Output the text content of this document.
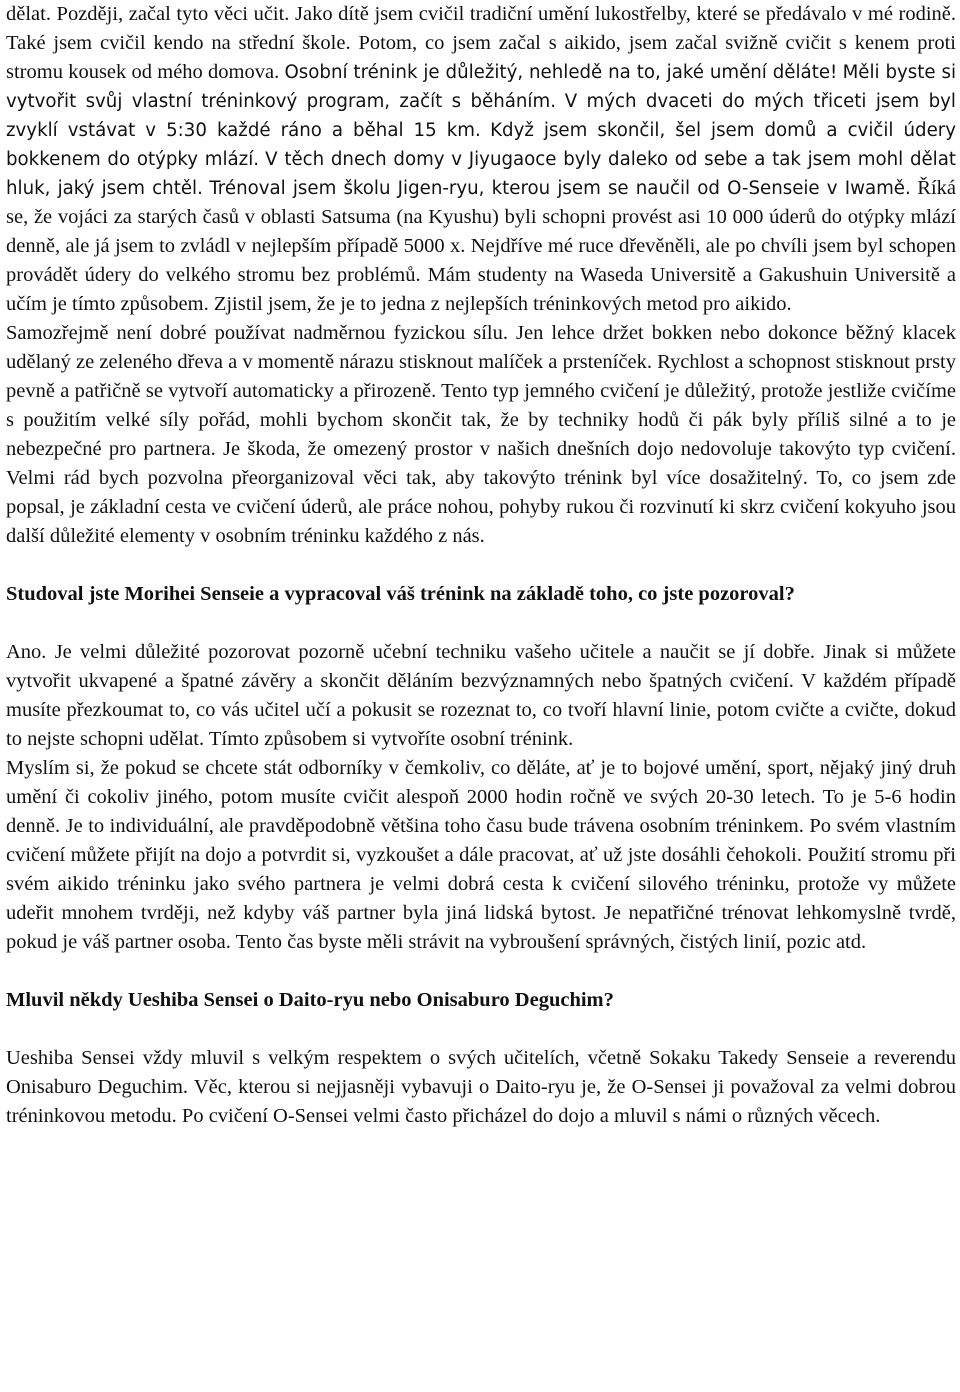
dělat. Později, začal tyto věci učit. Jako dítě jsem cvičil tradiční umění lukostřelby, které se předávalo v mé rodině. Také jsem cvičil kendo na střední škole. Potom, co jsem začal s aikido, jsem začal svižně cvičit s kenem proti stromu kousek od mého domova. Osobní trénink je důležitý, nehledě na to, jaké umění děláte! Měli byste si vytvořit svůj vlastní tréninkový program, začít s běháním. V mých dvaceti do mých třiceti jsem byl zvyklí vstávat v 5:30 každé ráno a běhal 15 km. Když jsem skončil, šel jsem domů a cvičil údery bokkenem do otýpky mlází. V těch dnech domy v Jiyugaoce byly daleko od sebe a tak jsem mohl dělat hluk, jaký jsem chtěl. Trénoval jsem školu Jigen-ryu, kterou jsem se naučil od O-Senseie v Iwamě. Říká se, že vojáci za starých časů v oblasti Satsuma (na Kyushu) byli schopni provést asi 10 000 úderů do otýpky mlází denně, ale já jsem to zvládl v nejlepším případě 5000 x. Nejdříve mé ruce dřevěněli, ale po chvíli jsem byl schopen provádět údery do velkého stromu bez problémů. Mám studenty na Waseda Universitě a Gakushuin Universitě a učím je tímto způsobem. Zjistil jsem, že je to jedna z nejlepších tréninkových metod pro aikido.

Samozřejmě není dobré používat nadměrnou fyzickou sílu. Jen lehce držet bokken nebo dokonce běžný klacek udělaný ze zeleného dřeva a v momentě nárazu stisknout malíček a prsteníček. Rychlost a schopnost stisknout prsty pevně a patřičně se vytvoří automaticky a přirozeně. Tento typ jemného cvičení je důležitý, protože jestliže cvičíme s použitím velké síly pořád, mohli bychom skončit tak, že by techniky hodů či pák byly příliš silné a to je nebezpečné pro partnera. Je škoda, že omezený prostor v našich dnešních dojo nedovoluje takovýto typ cvičení. Velmi rád bych pozvolna přeorganizoval věci tak, aby takovýto trénink byl více dosažitelný. To, co jsem zde popsal, je základní cesta ve cvičení úderů, ale práce nohou, pohyby rukou či rozvinutí ki skrz cvičení kokyuho jsou další důležité elementy v osobním tréninku každého z nás.

Studoval jste Morihei Senseie a vypracoval váš trénink na základě toho, co jste pozoroval?

Ano. Je velmi důležité pozorovat pozorně učební techniku vašeho učitele a naučit se jí dobře. Jinak si můžete vytvořit ukvapené a špatné závěry a skončit děláním bezvýznamných nebo špatných cvičení. V každém případě musíte přezkoumat to, co vás učitel učí a pokusit se rozeznat to, co tvoří hlavní linie, potom cvičte a cvičte, dokud to nejste schopni udělat. Tímto způsobem si vytvoříte osobní trénink.

Myslím si, že pokud se chcete stát odborníky v čemkoliv, co děláte, ať je to bojové umění, sport, nějaký jiný druh umění či cokoliv jiného, potom musíte cvičit alespoň 2000 hodin ročně ve svých 20-30 letech. To je 5-6 hodin denně. Je to individuální, ale pravděpodobně většina toho času bude trávena osobním tréninkem. Po svém vlastním cvičení můžete přijít na dojo a potvrdit si, vyzkoušet a dále pracovat, ať už jste dosáhli čehokoli. Použití stromu při svém aikido tréninku jako svého partnera je velmi dobrá cesta k cvičení silového tréninku, protože vy můžete udeřit mnohem tvrději, než kdyby váš partner byla jiná lidská bytost. Je nepatřičné trénovat lehkomyslně tvrdě, pokud je váš partner osoba. Tento čas byste měli strávit na vybroušení správných, čistých linií, pozic atd.

Mluvil někdy Ueshiba Sensei o Daito-ryu nebo Onisaburo Deguchim?

Ueshiba Sensei vždy mluvil s velkým respektem o svých učitelích, včetně Sokaku Takedy Senseie a reverendu Onisaburo Deguchim. Věc, kterou si nejjasněji vybavuji o Daito-ryu je, že O-Sensei ji považoval za velmi dobrou tréninkovou metodu. Po cvičení O-Sensei velmi často přicházel do dojo a mluvil s námi o různých věcech.
